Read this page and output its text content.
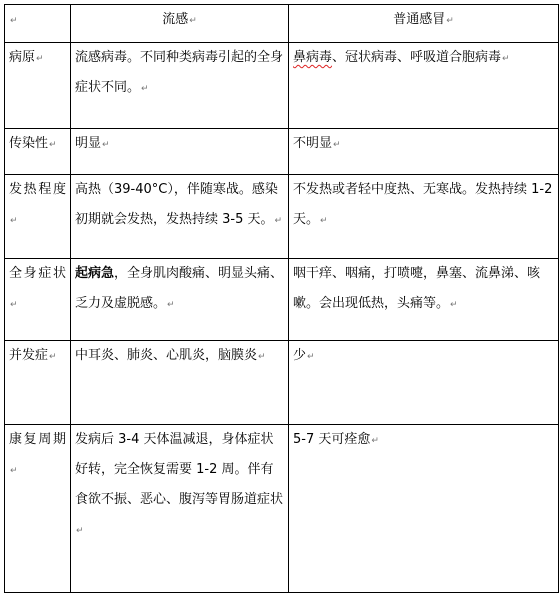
↵	流感↵	普通感冒↵
病原↵	流感病毒。不同种类病毒引起的全身症状不同。↵	鼻病毒、冠状病毒、呼吸道合胞病毒↵
传染性↵	明显↵	不明显↵
发热程度↵	高热（39-40°C），伴随寒战。感染初期就会发热，发热持续 3-5 天。↵	不发热或者轻中度热、无寒战。发热持续 1-2 天。↵
全身症状↵	起病急，全身肌肉酸痛、明显头痛、乏力及虚脱感。↵	咽干痒、咽痛，打喷嚏，鼻塞、流鼻涕、咳嗽。会出现低热，头痛等。↵
并发症↵	中耳炎、肺炎、心肌炎，脑膜炎↵	少↵
康复周期↵	发病后 3-4 天体温减退，身体症状好转，完全恢复需要 1-2 周。伴有食欲不振、恶心、腹泻等胃肠道症状↵	5-7 天可痊愈↵
